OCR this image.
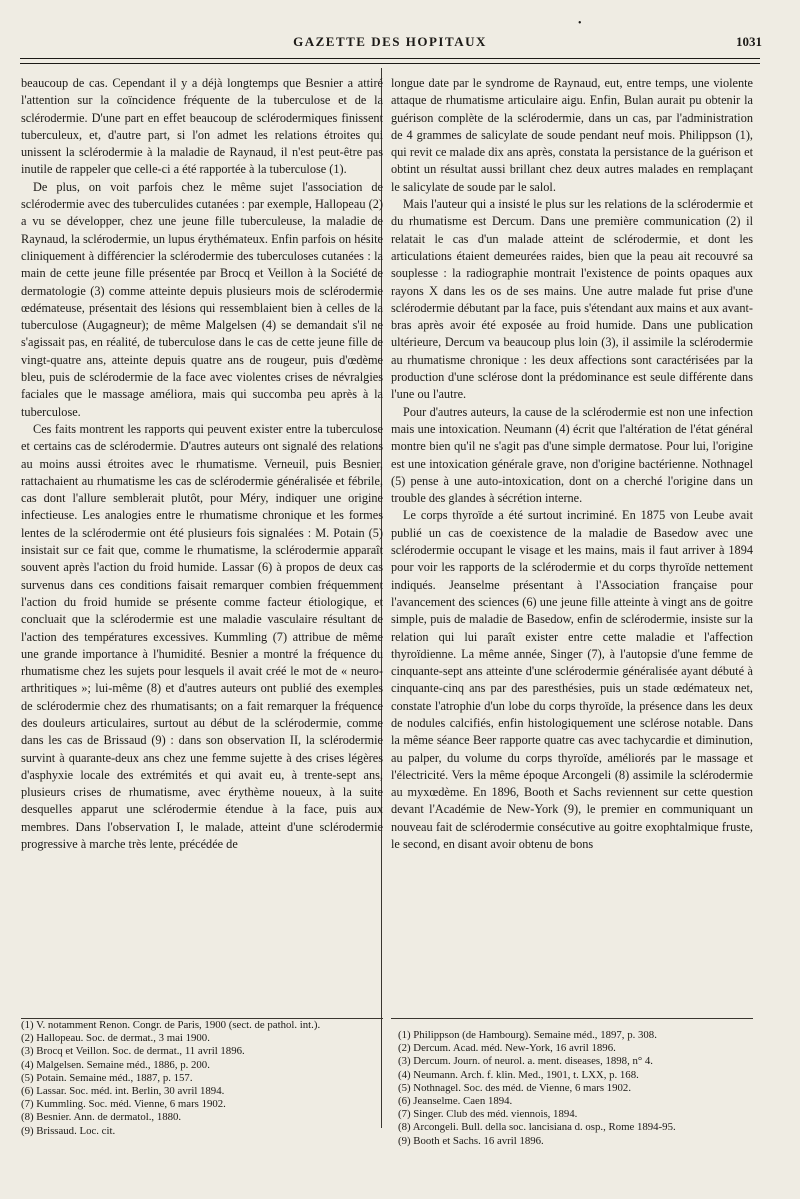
•
GAZETTE DES HOPITAUX	1031

beaucoup de cas. Cependant il y a déjà longtemps que Besnier a attiré l'attention sur la coïncidence fréquente de la tuberculose et de la sclérodermie. D'une part en effet beaucoup de sclérodermiques finissent tuberculeux, et, d'autre part, si l'on admet les relations étroites qui unissent la sclérodermie à la maladie de Raynaud, il n'est peut-être pas inutile de rappeler que celle-ci a été rapportée à la tuberculose (1).

De plus, on voit parfois chez le même sujet l'association de sclérodermie avec des tuberculides cutanées : par exemple, Hallopeau (2) a vu se développer, chez une jeune fille tuberculeuse, la maladie de Raynaud, la sclérodermie, un lupus érythémateux. Enfin parfois on hésite cliniquement à différencier la sclérodermie des tuberculoses cutanées : la main de cette jeune fille présentée par Brocq et Veillon à la Société de dermatologie (3) comme atteinte depuis plusieurs mois de sclérodermie œdémateuse, présentait des lésions qui ressemblaient bien à celles de la tuberculose (Augagneur); de même Malgelsen (4) se demandait s'il ne s'agissait pas, en réalité, de tuberculose dans le cas de cette jeune fille de vingt-quatre ans, atteinte depuis quatre ans de rougeur, puis d'œdème bleu, puis de sclérodermie de la face avec violentes crises de névralgies faciales que le massage améliora, mais qui succomba peu après à la tuberculose.

Ces faits montrent les rapports qui peuvent exister entre la tuberculose et certains cas de sclérodermie. D'autres auteurs ont signalé des relations au moins aussi étroites avec le rhumatisme. Verneuil, puis Besnier, rattachaient au rhumatisme les cas de sclérodermie généralisée et fébrile, cas dont l'allure semblerait plutôt, pour Méry, indiquer une origine infectieuse. Les analogies entre le rhumatisme chronique et les formes lentes de la sclérodermie ont été plusieurs fois signalées : M. Potain (5) insistait sur ce fait que, comme le rhumatisme, la sclérodermie apparaît souvent après l'action du froid humide. Lassar (6) à propos de deux cas survenus dans ces conditions faisait remarquer combien fréquemment l'action du froid humide se présente comme facteur étiologique, et concluait que la sclérodermie est une maladie vasculaire résultant de l'action des températures excessives. Kummling (7) attribue de même une grande importance à l'humidité. Besnier a montré la fréquence du rhumatisme chez les sujets pour lesquels il avait créé le mot de « neuro-arthritiques »; lui-même (8) et d'autres auteurs ont publié des exemples de sclérodermie chez des rhumatisants; on a fait remarquer la fréquence des douleurs articulaires, surtout au début de la sclérodermie, comme dans les cas de Brissaud (9) : dans son observation II, la sclérodermie survint à quarante-deux ans chez une femme sujette à des crises légères d'asphyxie locale des extrémités et qui avait eu, à trente-sept ans, plusieurs crises de rhumatisme, avec érythème noueux, à la suite desquelles apparut une sclérodermie étendue à la face, puis aux membres. Dans l'observation I, le malade, atteint d'une sclérodermie progressive à marche très lente, précédée de

longue date par le syndrome de Raynaud, eut, entre temps, une violente attaque de rhumatisme articulaire aigu. Enfin, Bulan aurait pu obtenir la guérison complète de la sclérodermie, dans un cas, par l'administration de 4 grammes de salicylate de soude pendant neuf mois. Philippson (1), qui revit ce malade dix ans après, constata la persistance de la guérison et obtint un résultat aussi brillant chez deux autres malades en remplaçant le salicylate de soude par le salol.

Mais l'auteur qui a insisté le plus sur les relations de la sclérodermie et du rhumatisme est Dercum. Dans une première communication (2) il relatait le cas d'un malade atteint de sclérodermie, et dont les articulations étaient demeurées raides, bien que la peau ait recouvré sa souplesse : la radiographie montrait l'existence de points opaques aux rayons X dans les os de ses mains. Une autre malade fut prise d'une sclérodermie débutant par la face, puis s'étendant aux mains et aux avant-bras après avoir été exposée au froid humide. Dans une publication ultérieure, Dercum va beaucoup plus loin (3), il assimile la sclérodermie au rhumatisme chronique : les deux affections sont caractérisées par la production d'une sclérose dont la prédominance est seule différente dans l'une ou l'autre.

Pour d'autres auteurs, la cause de la sclérodermie est non une infection mais une intoxication. Neumann (4) écrit que l'altération de l'état général montre bien qu'il ne s'agit pas d'une simple dermatose. Pour lui, l'origine est une intoxication générale grave, non d'origine bactérienne. Nothnagel (5) pense à une auto-intoxication, dont on a cherché l'origine dans un trouble des glandes à sécrétion interne.

Le corps thyroïde a été surtout incriminé. En 1875 von Leube avait publié un cas de coexistence de la maladie de Basedow avec une sclérodermie occupant le visage et les mains, mais il faut arriver à 1894 pour voir les rapports de la sclérodermie et du corps thyroïde nettement indiqués. Jeanselme présentant à l'Association française pour l'avancement des sciences (6) une jeune fille atteinte à vingt ans de goitre simple, puis de maladie de Basedow, enfin de sclérodermie, insiste sur la relation qui lui paraît exister entre cette maladie et l'affection thyroïdienne. La même année, Singer (7), à l'autopsie d'une femme de cinquante-sept ans atteinte d'une sclérodermie généralisée ayant débuté à cinquante-cinq ans par des paresthésies, puis un stade œdémateux net, constate l'atrophie d'un lobe du corps thyroïde, la présence dans les deux de nodules calcifiés, enfin histologiquement une sclérose notable. Dans la même séance Beer rapporte quatre cas avec tachycardie et diminution, au palper, du volume du corps thyroïde, améliorés par le massage et l'électricité. Vers la même époque Arcongeli (8) assimile la sclérodermie au myxœdème. En 1896, Booth et Sachs reviennent sur cette question devant l'Académie de New-York (9), le premier en communiquant un nouveau fait de sclérodermie consécutive au goitre exophtalmique fruste, le second, en disant avoir obtenu de bons

(1) V. notamment Renon. Congr. de Paris, 1900 (sect. de pathol. int.).
(2) Hallopeau. Soc. de dermat., 3 mai 1900.
(3) Brocq et Veillon. Soc. de dermat., 11 avril 1896.
(4) Malgelsen. Semaine méd., 1886, p. 200.
(5) Potain. Semaine méd., 1887, p. 157.
(6) Lassar. Soc. méd. int. Berlin, 30 avril 1894.
(7) Kummling. Soc. méd. Vienne, 6 mars 1902.
(8) Besnier. Ann. de dermatol., 1880.
(9) Brissaud. Loc. cit.
(1) Philippson (de Hambourg). Semaine méd., 1897, p. 308.
(2) Dercum. Acad. méd. New-York, 16 avril 1896.
(3) Dercum. Journ. of neurol. a. ment. diseases, 1898, n° 4.
(4) Neumann. Arch. f. klin. Med., 1901, t. LXX, p. 168.
(5) Nothnagel. Soc. des méd. de Vienne, 6 mars 1902.
(6) Jeanselme. Caen 1894.
(7) Singer. Club des méd. viennois, 1894.
(8) Arcongeli. Bull. della soc. lancisiana d. osp., Rome 1894-95.
(9) Booth et Sachs. 16 avril 1896.
